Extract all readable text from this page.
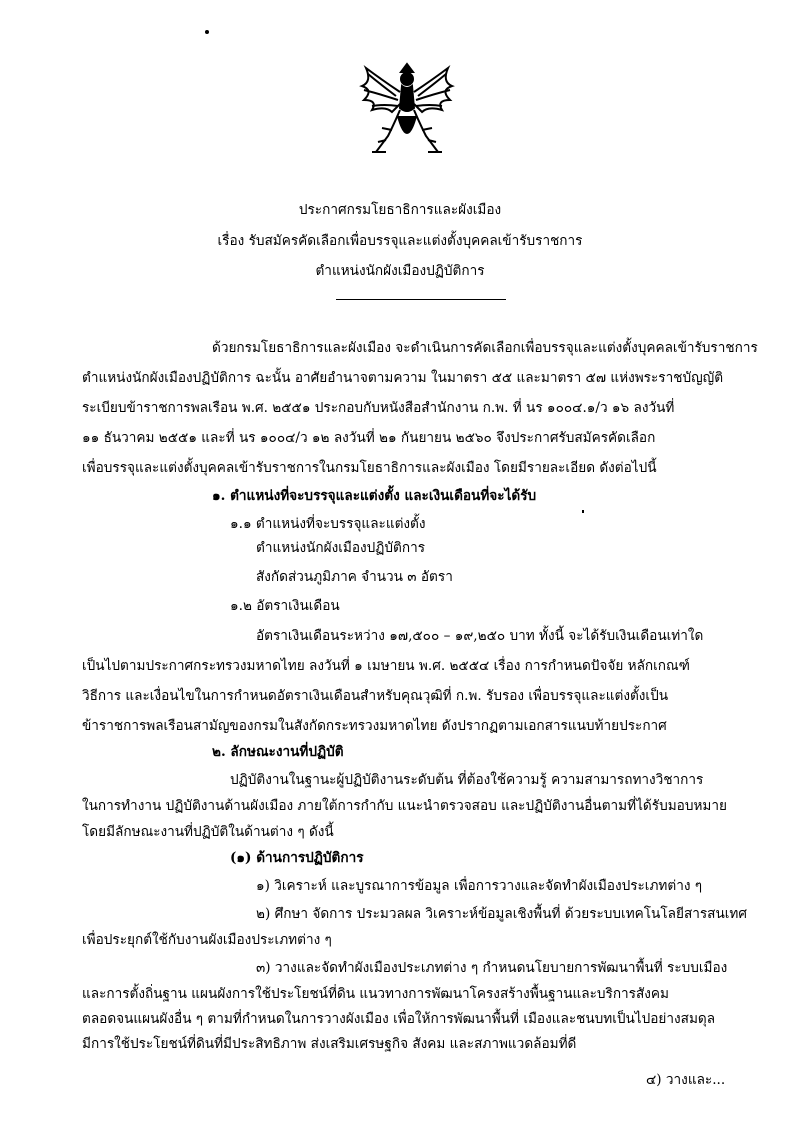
ประกาศกรมโยธาธิการและผังเมือง
เรื่อง รับสมัครคัดเลือกเพื่อบรรจุและแต่งตั้งบุคคลเข้ารับราชการ
ตำแหน่งนักผังเมืองปฏิบัติการ
ด้วยกรมโยธาธิการและผังเมือง จะดำเนินการคัดเลือกเพื่อบรรจุและแต่งตั้งบุคคลเข้ารับราชการ
ตำแหน่งนักผังเมืองปฏิบัติการ ฉะนั้น อาศัยอำนาจตามความ ในมาตรา ๕๕ และมาตรา ๕๗ แห่งพระราชบัญญัติ
ระเบียบข้าราชการพลเรือน พ.ศ. ๒๕๕๑ ประกอบกับหนังสือสำนักงาน ก.พ. ที่ นร ๑๐๐๔.๑/ว ๑๖ ลงวันที่
๑๑ ธันวาคม ๒๕๕๑ และที่ นร ๑๐๐๔/ว ๑๒ ลงวันที่ ๒๑ กันยายน ๒๕๖๐ จึงประกาศรับสมัครคัดเลือก
เพื่อบรรจุและแต่งตั้งบุคคลเข้ารับราชการในกรมโยธาธิการและผังเมือง โดยมีรายละเอียด ดังต่อไปนี้
๑. ตำแหน่งที่จะบรรจุและแต่งตั้ง และเงินเดือนที่จะได้รับ
๑.๑ ตำแหน่งที่จะบรรจุและแต่งตั้ง
ตำแหน่งนักผังเมืองปฏิบัติการ
สังกัดส่วนภูมิภาค จำนวน ๓ อัตรา
๑.๒ อัตราเงินเดือน
อัตราเงินเดือนระหว่าง ๑๗,๕๐๐ – ๑๙,๒๕๐ บาท ทั้งนี้ จะได้รับเงินเดือนเท่าใด
เป็นไปตามประกาศกระทรวงมหาดไทย ลงวันที่ ๑ เมษายน พ.ศ. ๒๕๕๔ เรื่อง การกำหนดปัจจัย หลักเกณฑ์
วิธีการ และเงื่อนไขในการกำหนดอัตราเงินเดือนสำหรับคุณวุฒิที่ ก.พ. รับรอง เพื่อบรรจุและแต่งตั้งเป็น
ข้าราชการพลเรือนสามัญของกรมในสังกัดกระทรวงมหาดไทย ดังปรากฏตามเอกสารแนบท้ายประกาศ
๒. ลักษณะงานที่ปฏิบัติ
ปฏิบัติงานในฐานะผู้ปฏิบัติงานระดับต้น ที่ต้องใช้ความรู้ ความสามารถทางวิชาการ
ในการทำงาน ปฏิบัติงานด้านผังเมือง ภายใต้การกำกับ แนะนำตรวจสอบ และปฏิบัติงานอื่นตามที่ได้รับมอบหมาย
โดยมีลักษณะงานที่ปฏิบัติในด้านต่าง ๆ ดังนี้
(๑) ด้านการปฏิบัติการ
๑) วิเคราะห์ และบูรณาการข้อมูล เพื่อการวางและจัดทำผังเมืองประเภทต่าง ๆ
๒) ศึกษา จัดการ ประมวลผล วิเคราะห์ข้อมูลเชิงพื้นที่ ด้วยระบบเทคโนโลยีสารสนเทศ
เพื่อประยุกต์ใช้กับงานผังเมืองประเภทต่าง ๆ
๓) วางและจัดทำผังเมืองประเภทต่าง ๆ กำหนดนโยบายการพัฒนาพื้นที่ ระบบเมือง
และการตั้งถิ่นฐาน แผนผังการใช้ประโยชน์ที่ดิน แนวทางการพัฒนาโครงสร้างพื้นฐานและบริการสังคม
ตลอดจนแผนผังอื่น ๆ ตามที่กำหนดในการวางผังเมือง เพื่อให้การพัฒนาพื้นที่ เมืองและชนบทเป็นไปอย่างสมดุล
มีการใช้ประโยชน์ที่ดินที่มีประสิทธิภาพ ส่งเสริมเศรษฐกิจ สังคม และสภาพแวดล้อมที่ดี
๔) วางและ...
